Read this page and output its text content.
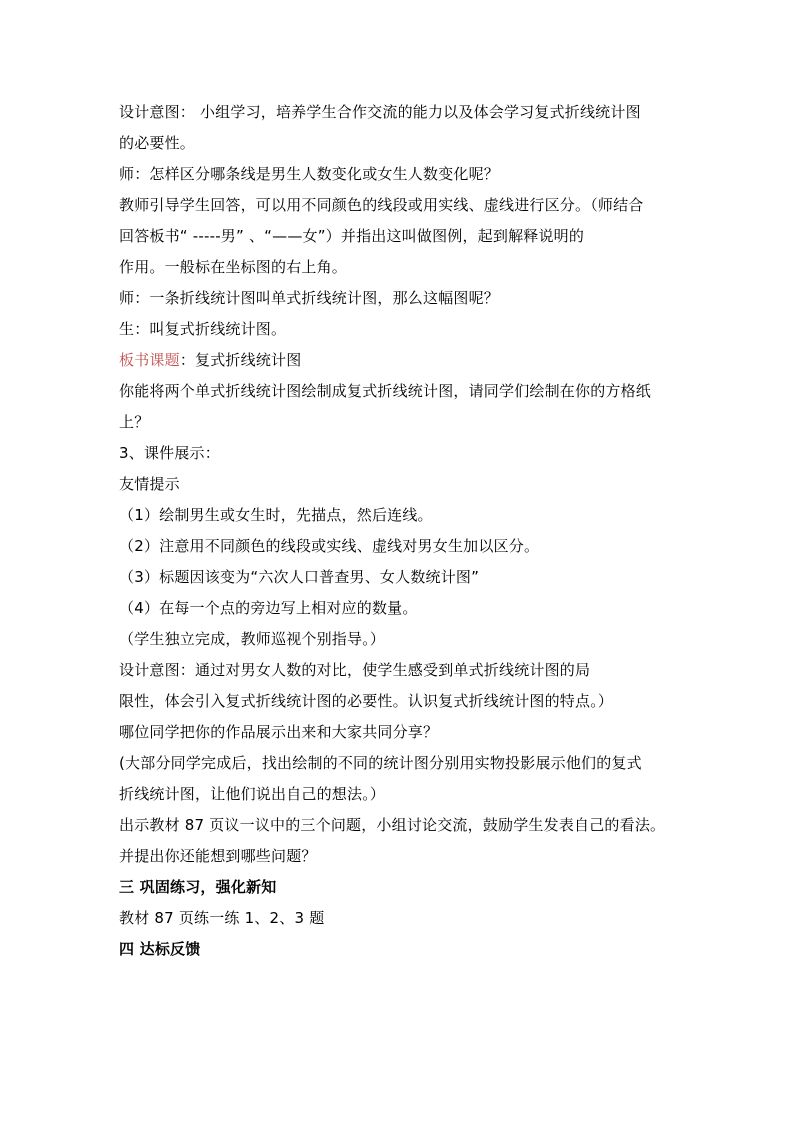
设计意图： 小组学习，培养学生合作交流的能力以及体会学习复式折线统计图
的必要性。
师：怎样区分哪条线是男生人数变化或女生人数变化呢？
教师引导学生回答，可以用不同颜色的线段或用实线、虚线进行区分。（师结合
回答板书“ -----男” 、“——女”）并指出这叫做图例，起到解释说明的
作用。一般标在坐标图的右上角。
师：一条折线统计图叫单式折线统计图，那么这幅图呢？
生：叫复式折线统计图。
板书课题：复式折线统计图
你能将两个单式折线统计图绘制成复式折线统计图，请同学们绘制在你的方格纸
上？
3、课件展示：
友情提示
（1）绘制男生或女生时，先描点，然后连线。
（2）注意用不同颜色的线段或实线、虚线对男女生加以区分。
（3）标题因该变为“六次人口普查男、女人数统计图”
（4）在每一个点的旁边写上相对应的数量。
（学生独立完成，教师巡视个别指导。）
设计意图：通过对男女人数的对比，使学生感受到单式折线统计图的局
限性，体会引入复式折线统计图的必要性。认识复式折线统计图的特点。）
哪位同学把你的作品展示出来和大家共同分享？
(大部分同学完成后，找出绘制的不同的统计图分别用实物投影展示他们的复式
折线统计图，让他们说出自己的想法。）
出示教材 87 页议一议中的三个问题，小组讨论交流，鼓励学生发表自己的看法。
并提出你还能想到哪些问题？
三 巩固练习，强化新知
教材 87 页练一练 1、2、3 题
四 达标反馈
